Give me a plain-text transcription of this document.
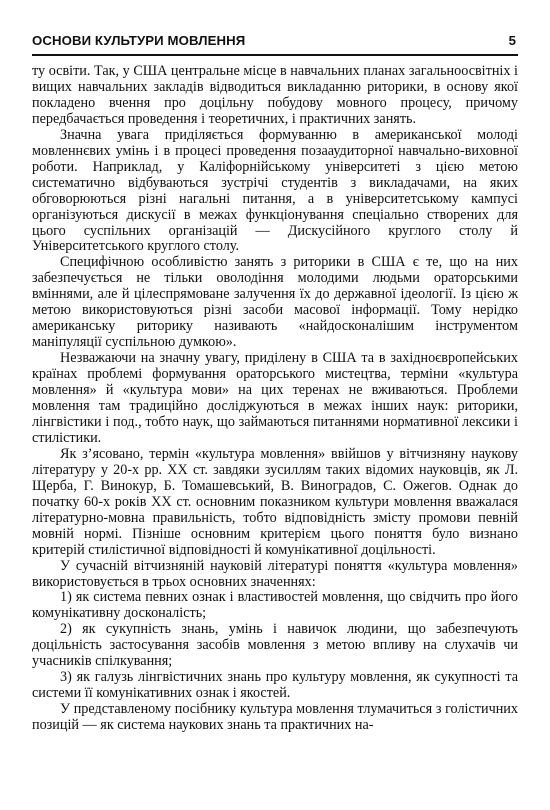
ОСНОВИ КУЛЬТУРИ МОВЛЕННЯ	5

ту освіти. Так, у США центральне місце в навчальних планах загальноосвітніх і вищих навчальних закладів відводиться викладанню риторики, в основу якої покладено вчення про доцільну побудову мовного процесу, причому передбачається проведення і теоретичних, і практичних занять.

Значна увага приділяється формуванню в американської молоді мовленнєвих умінь і в процесі проведення позааудиторної навчально-виховної роботи. Наприклад, у Каліфорнійському університеті з цією метою систематично відбуваються зустрічі студентів з викладачами, на яких обговорюються різні нагальні питання, а в університетському кампусі організуються дискусії в межах функціонування спеціально створених для цього суспільних організацій — Дискусійного круглого столу й Університетського круглого столу.

Специфічною особливістю занять з риторики в США є те, що на них забезпечується не тільки оволодіння молодими людьми ораторськими вміннями, але й цілеспрямоване залучення їх до державної ідеології. Із цією ж метою використовуються різні засоби масової інформації. Тому нерідко американську риторику називають «найдосконалішим інструментом маніпуляції суспільною думкою».

Незважаючи на значну увагу, приділену в США та в західноєвропейських країнах проблемі формування ораторського мистецтва, терміни «культура мовлення» й «культура мови» на цих теренах не вживаються. Проблеми мовлення там традиційно досліджуються в межах інших наук: риторики, лінгвістики і под., тобто наук, що займаються питаннями нормативної лексики і стилістики.

Як з’ясовано, термін «культура мовлення» ввійшов у вітчизняну наукову літературу у 20-х рр. XX ст. завдяки зусиллям таких відомих науковців, як Л. Щерба, Г. Винокур, Б. Томашевський, В. Виноградов, С. Ожегов. Однак до початку 60-х років XX ст. основним показником культури мовлення вважалася літературно-мовна правильність, тобто відповідність змісту промови певній мовній нормі. Пізніше основним критерієм цього поняття було визнано критерій стилістичної відповідності й комунікативної доцільності.

У сучасній вітчизняній науковій літературі поняття «культура мовлення» використовується в трьох основних значеннях:

1) як система певних ознак і властивостей мовлення, що свідчить про його комунікативну досконалість;

2) як сукупність знань, умінь і навичок людини, що забезпечують доцільність застосування засобів мовлення з метою впливу на слухачів чи учасників спілкування;

3) як галузь лінгвістичних знань про культуру мовлення, як сукупності та системи її комунікативних ознак і якостей.

У представленому посібнику культура мовлення тлумачиться з голістичних позицій — як система наукових знань та практичних на-
